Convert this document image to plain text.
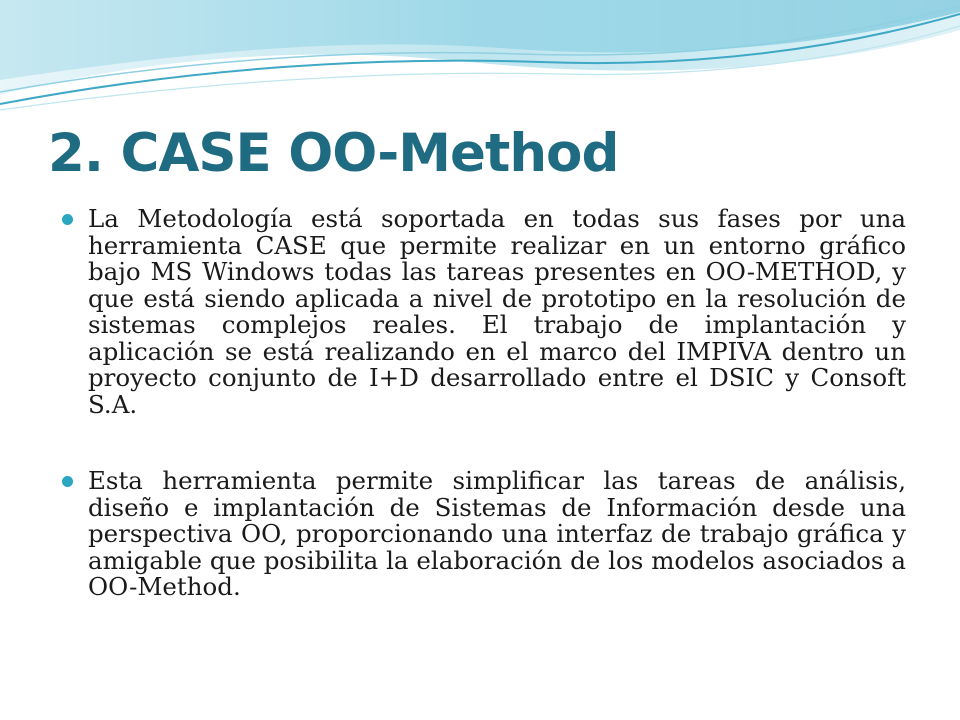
2. CASE OO-Method

La Metodología está soportada en todas sus fases por una herramienta CASE que permite realizar en un entorno gráfico bajo MS Windows todas las tareas presentes en OO-METHOD, y que está siendo aplicada a nivel de prototipo en la resolución de sistemas complejos reales. El trabajo de implantación y aplicación se está realizando en el marco del IMPIVA dentro un proyecto conjunto de I+D desarrollado entre el DSIC y Consoft S.A.

Esta herramienta permite simplificar las tareas de análisis, diseño e implantación de Sistemas de Información desde una perspectiva OO, proporcionando una interfaz de trabajo gráfica y amigable que posibilita la elaboración de los modelos asociados a OO-Method.
